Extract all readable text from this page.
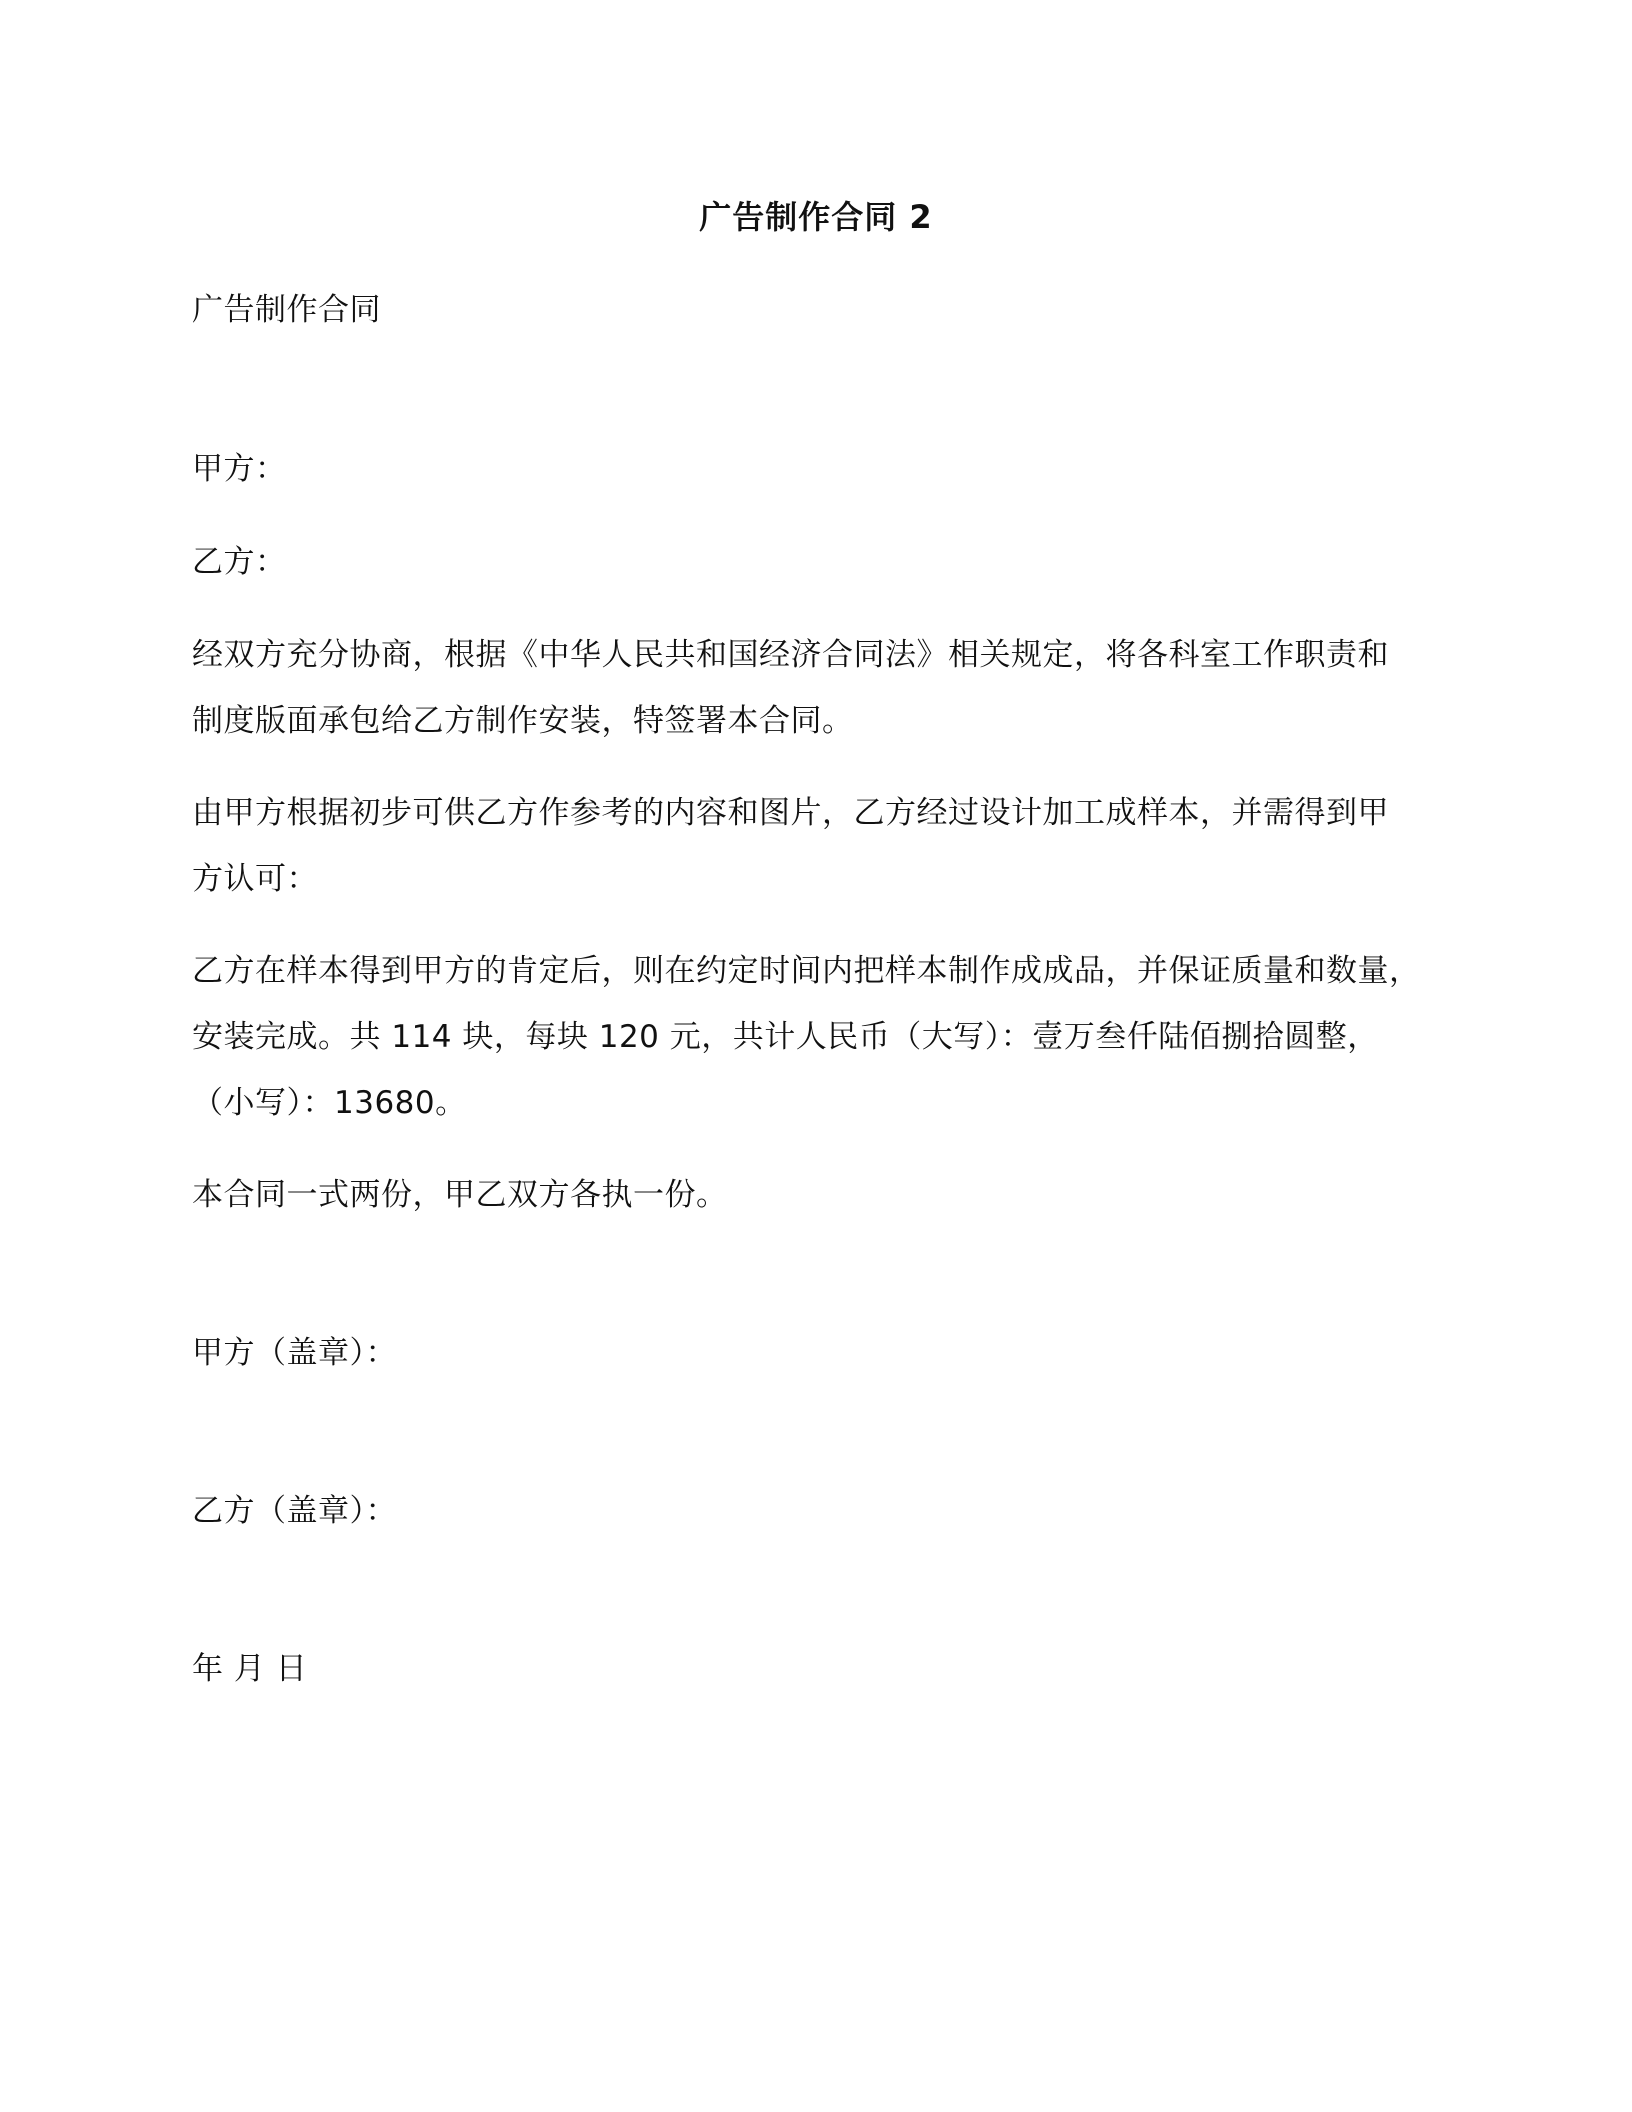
广告制作合同 2
广告制作合同
甲方：
乙方：
经双方充分协商，根据《中华人民共和国经济合同法》相关规定，将各科室工作职责和
制度版面承包给乙方制作安装，特签署本合同。
由甲方根据初步可供乙方作参考的内容和图片，乙方经过设计加工成样本，并需得到甲
方认可：
乙方在样本得到甲方的肯定后，则在约定时间内把样本制作成成品，并保证质量和数量，
安装完成。共 114 块，每块 120 元，共计人民币（大写）：壹万叁仟陆佰捌拾圆整，
（小写）：13680。
本合同一式两份，甲乙双方各执一份。
甲方（盖章）：
乙方（盖章）：
年 月 日
